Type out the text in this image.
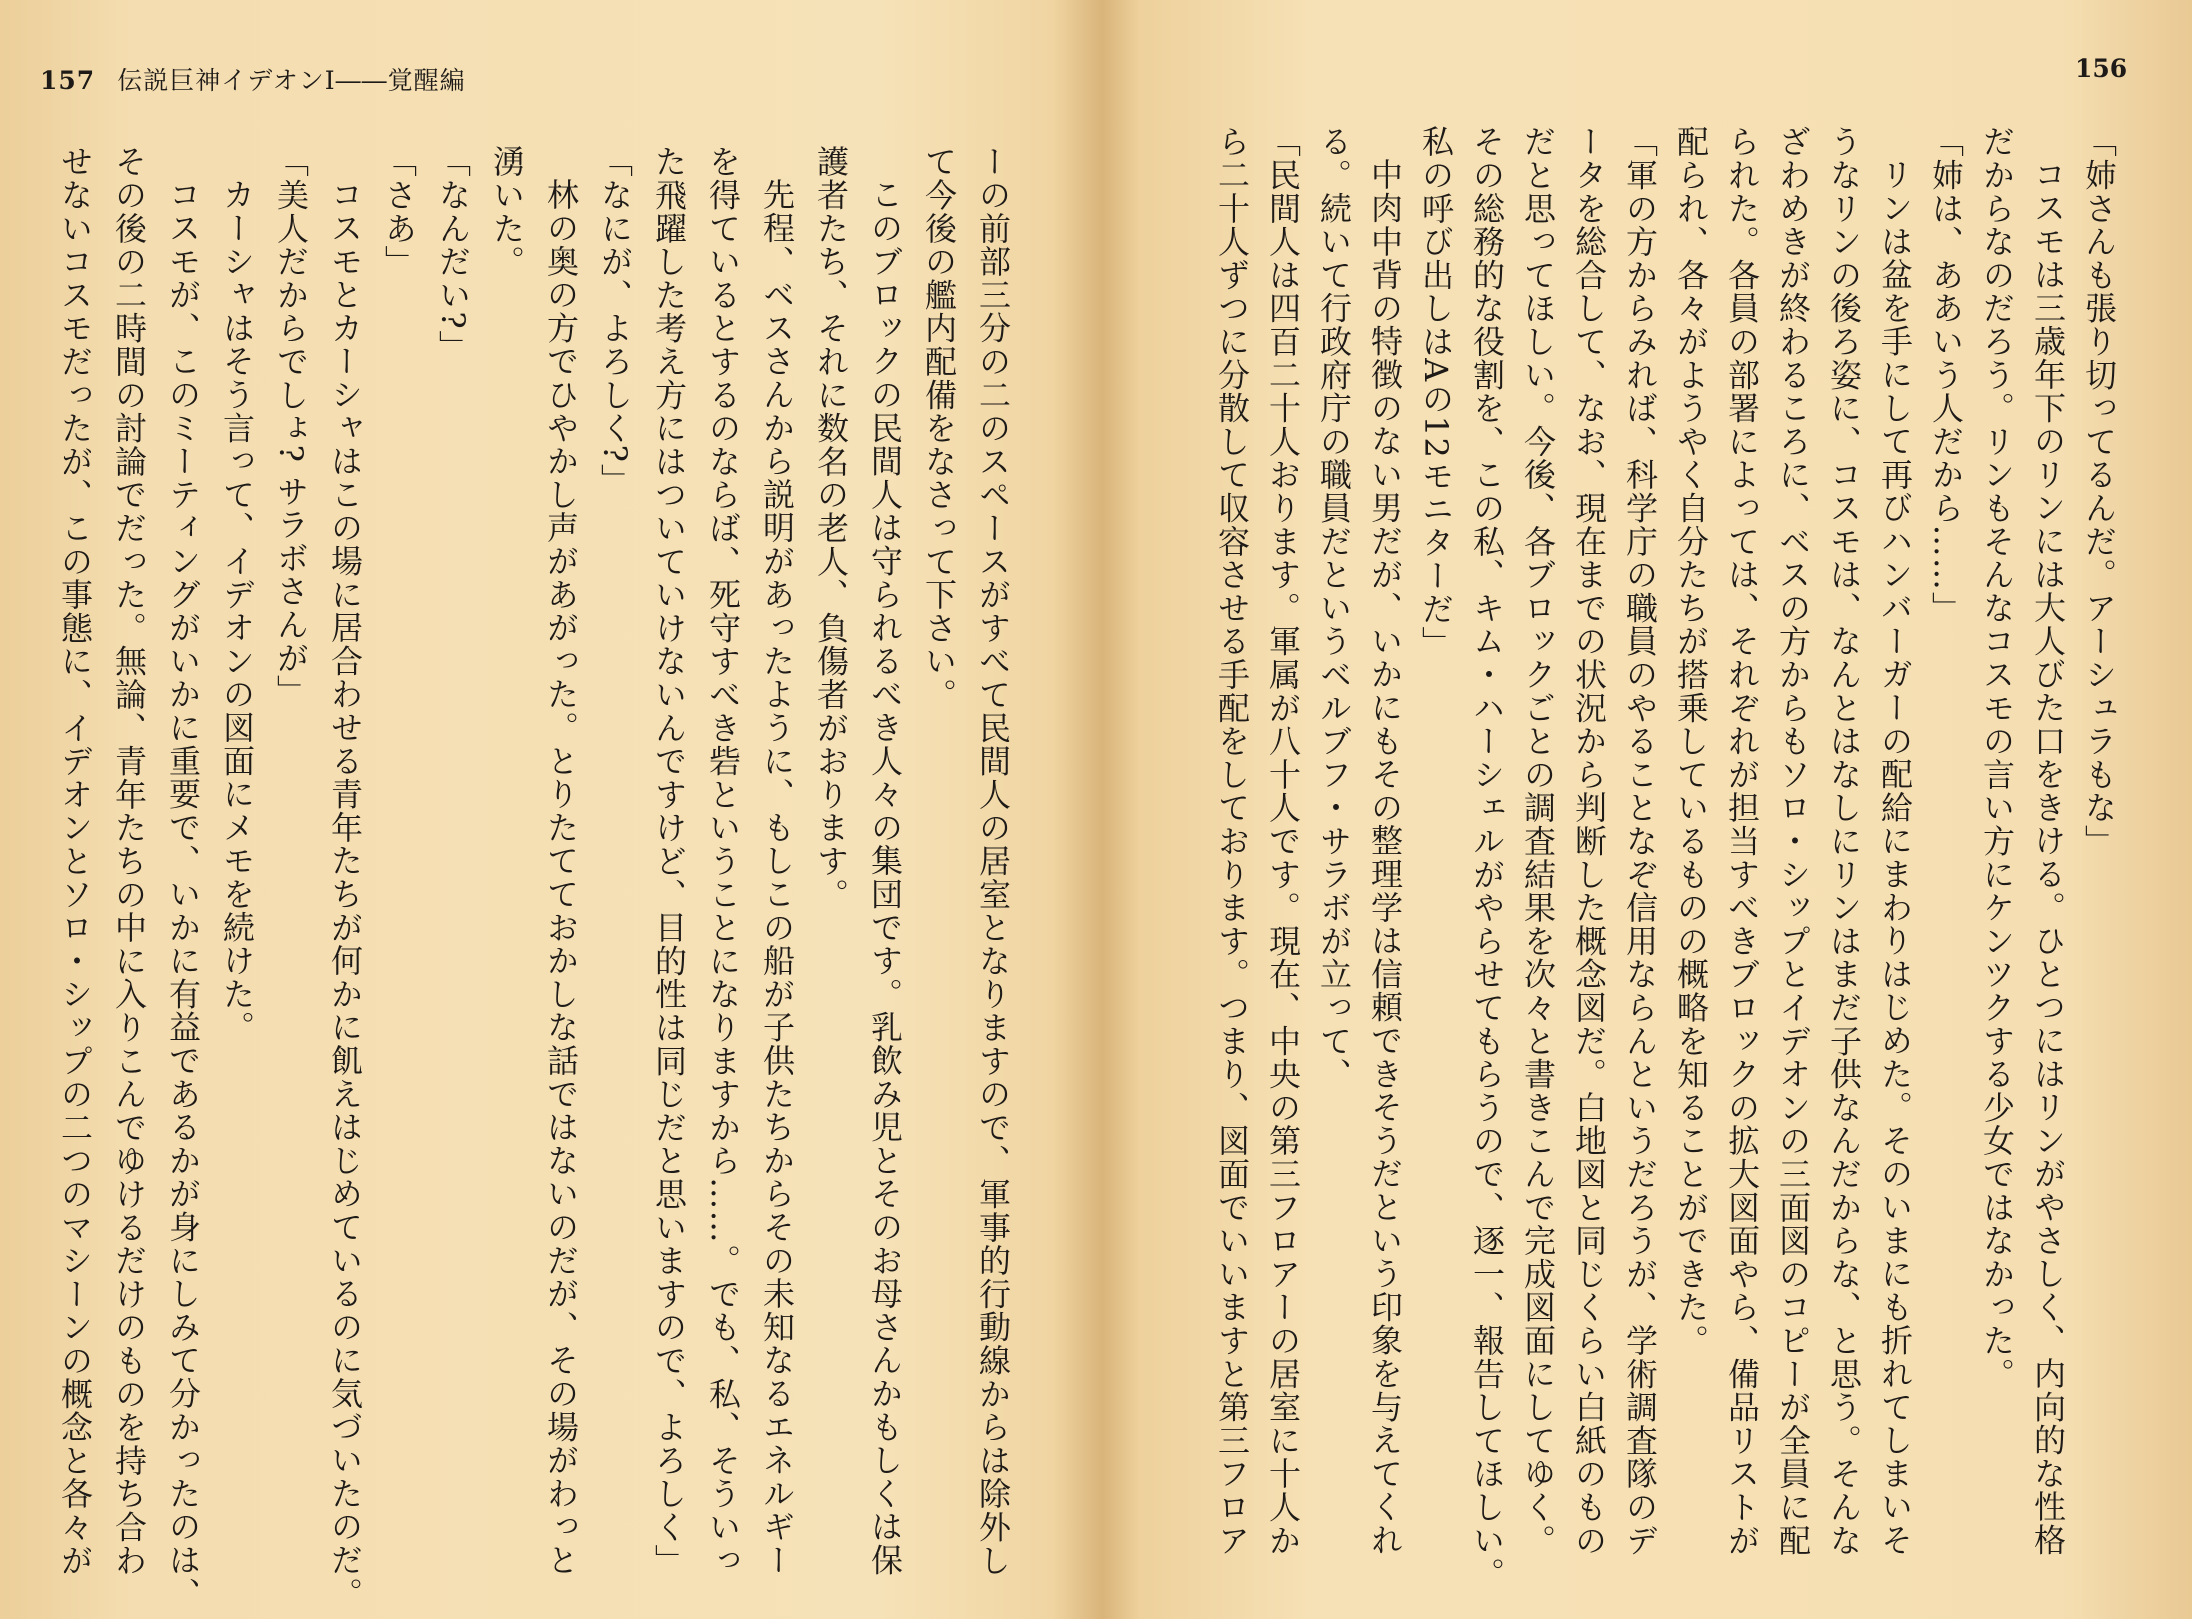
157 伝説巨神イデオンⅠ――覚醒編
ーの前部三分の二のスペースがすべて民間人の居室となりますので、軍事的行動線からは除外し
て今後の艦内配備をなさって下さい。
このブロックの民間人は守られるべき人々の集団です。乳飲み児とそのお母さんかもしくは保
護者たち、それに数名の老人、負傷者がおります。
先程、ベスさんから説明があったように、もしこの船が子供たちからその未知なるエネルギー
を得ているとするのならば、死守すべき砦ということになりますから……。でも、私、そういっ
た飛躍した考え方にはついていけないんですけど、目的性は同じだと思いますので、よろしく」
「なにが、よろしく?」
林の奥の方でひやかし声があがった。とりたてておかしな話ではないのだが、その場がわっと
湧いた。
「なんだい?」
「さあ」
コスモとカーシャはこの場に居合わせる青年たちが何かに飢えはじめているのに気づいたのだ。
「美人だからでしょ? サラボさんが」
カーシャはそう言って、イデオンの図面にメモを続けた。
コスモが、このミーティングがいかに重要で、いかに有益であるかが身にしみて分かったのは、
その後の二時間の討論でだった。無論、青年たちの中に入りこんでゆけるだけのものを持ち合わ
せないコスモだったが、この事態に、イデオンとソロ・シップの二つのマシーンの概念と各々が
156
「姉さんも張り切ってるんだ。アーシュラもな」
コスモは三歳年下のリンには大人びた口をきける。ひとつにはリンがやさしく、内向的な性格
だからなのだろう。リンもそんなコスモの言い方にケンツクする少女ではなかった。
「姉は、ああいう人だから……」
リンは盆を手にして再びハンバーガーの配給にまわりはじめた。そのいまにも折れてしまいそ
うなリンの後ろ姿に、コスモは、なんとはなしにリンはまだ子供なんだからな、と思う。そんな
ざわめきが終わるころに、ベスの方からもソロ・シップとイデオンの三面図のコピーが全員に配
られた。各員の部署によっては、それぞれが担当すべきブロックの拡大図面やら、備品リストが
配られ、各々がようやく自分たちが搭乗しているものの概略を知ることができた。
「軍の方からみれば、科学庁の職員のやることなぞ信用ならんというだろうが、学術調査隊のデ
ータを総合して、なお、現在までの状況から判断した概念図だ。白地図と同じくらい白紙のもの
だと思ってほしい。今後、各ブロックごとの調査結果を次々と書きこんで完成図面にしてゆく。
その総務的な役割を、この私、キム・ハーシェルがやらせてもらうので、逐一、報告してほしい。
私の呼び出しはAの12モニターだ」
中肉中背の特徴のない男だが、いかにもその整理学は信頼できそうだという印象を与えてくれ
る。続いて行政府庁の職員だというベルブフ・サラボが立って、
「民間人は四百二十人おります。軍属が八十人です。現在、中央の第三フロアーの居室に十人か
ら二十人ずつに分散して収容させる手配をしております。つまり、図面でいいますと第三フロア
